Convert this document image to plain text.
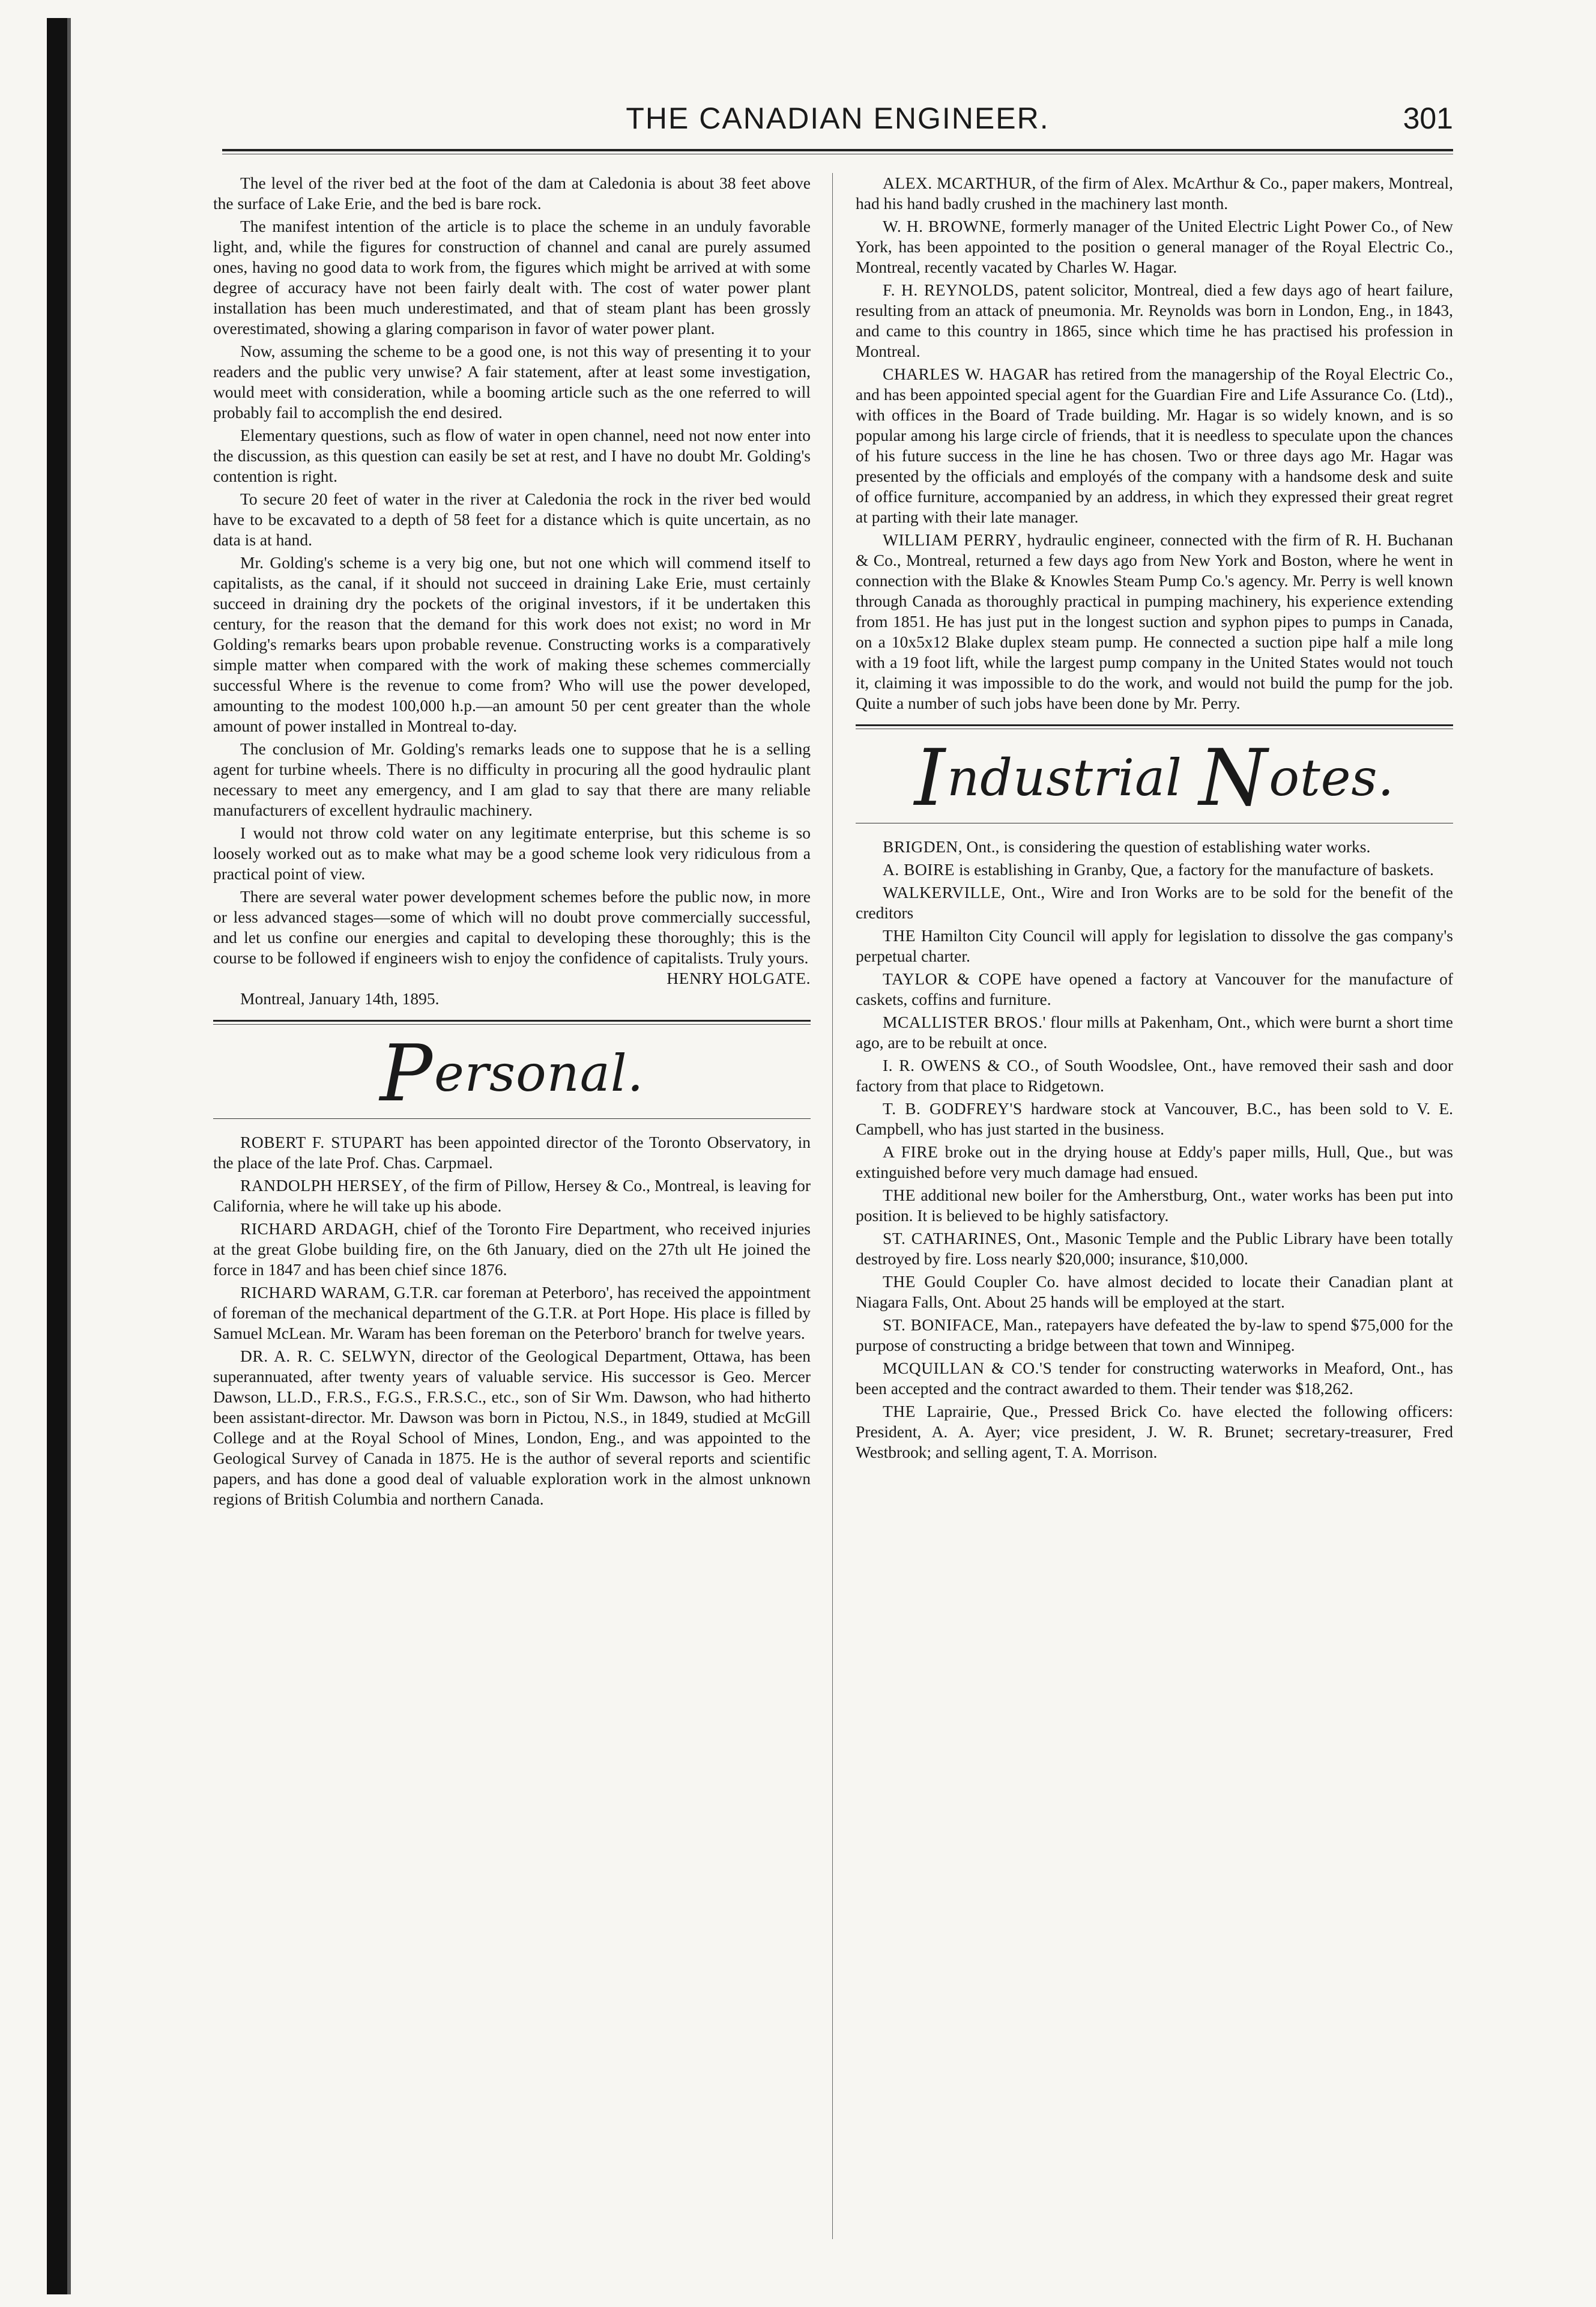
THE CANADIAN ENGINEER.	301

The level of the river bed at the foot of the dam at Caledonia is about 38 feet above the surface of Lake Erie, and the bed is bare rock.

The manifest intention of the article is to place the scheme in an unduly favorable light, and, while the figures for construction of channel and canal are purely assumed ones, having no good data to work from, the figures which might be arrived at with some degree of accuracy have not been fairly dealt with. The cost of water power plant installation has been much underestimated, and that of steam plant has been grossly overestimated, showing a glaring comparison in favor of water power plant.

Now, assuming the scheme to be a good one, is not this way of presenting it to your readers and the public very unwise? A fair statement, after at least some investigation, would meet with consideration, while a booming article such as the one referred to will probably fail to accomplish the end desired.

Elementary questions, such as flow of water in open channel, need not now enter into the discussion, as this question can easily be set at rest, and I have no doubt Mr. Golding's contention is right.

To secure 20 feet of water in the river at Caledonia the rock in the river bed would have to be excavated to a depth of 58 feet for a distance which is quite uncertain, as no data is at hand.

Mr. Golding's scheme is a very big one, but not one which will commend itself to capitalists, as the canal, if it should not succeed in draining Lake Erie, must certainly succeed in draining dry the pockets of the original investors, if it be undertaken this century, for the reason that the demand for this work does not exist; no word in Mr Golding's remarks bears upon probable revenue. Constructing works is a comparatively simple matter when compared with the work of making these schemes commercially successful Where is the revenue to come from? Who will use the power developed, amounting to the modest 100,000 h.p.—an amount 50 per cent greater than the whole amount of power installed in Montreal to-day.

The conclusion of Mr. Golding's remarks leads one to suppose that he is a selling agent for turbine wheels. There is no difficulty in procuring all the good hydraulic plant necessary to meet any emergency, and I am glad to say that there are many reliable manufacturers of excellent hydraulic machinery.

I would not throw cold water on any legitimate enterprise, but this scheme is so loosely worked out as to make what may be a good scheme look very ridiculous from a practical point of view.

There are several water power development schemes before the public now, in more or less advanced stages—some of which will no doubt prove commercially successful, and let us confine our energies and capital to developing these thoroughly; this is the course to be followed if engineers wish to enjoy the confidence of capitalists. Truly yours.
HENRY HOLGATE.

Montreal, January 14th, 1895.

P ersonal.

ROBERT F. STUPART has been appointed director of the Toronto Observatory, in the place of the late Prof. Chas. Carpmael.

RANDOLPH HERSEY, of the firm of Pillow, Hersey & Co., Montreal, is leaving for California, where he will take up his abode.

RICHARD ARDAGH, chief of the Toronto Fire Department, who received injuries at the great Globe building fire, on the 6th January, died on the 27th ult He joined the force in 1847 and has been chief since 1876.

RICHARD WARAM, G.T.R. car foreman at Peterboro', has received the appointment of foreman of the mechanical department of the G.T.R. at Port Hope. His place is filled by Samuel McLean. Mr. Waram has been foreman on the Peterboro' branch for twelve years.

DR. A. R. C. SELWYN, director of the Geological Department, Ottawa, has been superannuated, after twenty years of valuable service. His successor is Geo. Mercer Dawson, LL.D., F.R.S., F.G.S., F.R.S.C., etc., son of Sir Wm. Dawson, who had hitherto been assistant-director. Mr. Dawson was born in Pictou, N.S., in 1849, studied at McGill College and at the Royal School of Mines, London, Eng., and was appointed to the Geological Survey of Canada in 1875. He is the author of several reports and scientific papers, and has done a good deal of valuable exploration work in the almost unknown regions of British Columbia and northern Canada.

ALEX. MCARTHUR, of the firm of Alex. McArthur & Co., paper makers, Montreal, had his hand badly crushed in the machinery last month.

W. H. BROWNE, formerly manager of the United Electric Light Power Co., of New York, has been appointed to the position o general manager of the Royal Electric Co., Montreal, recently vacated by Charles W. Hagar.

F. H. REYNOLDS, patent solicitor, Montreal, died a few days ago of heart failure, resulting from an attack of pneumonia. Mr. Reynolds was born in London, Eng., in 1843, and came to this country in 1865, since which time he has practised his profession in Montreal.

CHARLES W. HAGAR has retired from the managership of the Royal Electric Co., and has been appointed special agent for the Guardian Fire and Life Assurance Co. (Ltd)., with offices in the Board of Trade building. Mr. Hagar is so widely known, and is so popular among his large circle of friends, that it is needless to speculate upon the chances of his future success in the line he has chosen. Two or three days ago Mr. Hagar was presented by the officials and employés of the company with a handsome desk and suite of office furniture, accompanied by an address, in which they expressed their great regret at parting with their late manager.

WILLIAM PERRY, hydraulic engineer, connected with the firm of R. H. Buchanan & Co., Montreal, returned a few days ago from New York and Boston, where he went in connection with the Blake & Knowles Steam Pump Co.'s agency. Mr. Perry is well known through Canada as thoroughly practical in pumping machinery, his experience extending from 1851. He has just put in the longest suction and syphon pipes to pumps in Canada, on a 10x5x12 Blake duplex steam pump. He connected a suction pipe half a mile long with a 19 foot lift, while the largest pump company in the United States would not touch it, claiming it was impossible to do the work, and would not build the pump for the job. Quite a number of such jobs have been done by Mr. Perry.

I ndustrial
N otes.

BRIGDEN, Ont., is considering the question of establishing water works.

A. BOIRE is establishing in Granby, Que, a factory for the manufacture of baskets.

WALKERVILLE, Ont., Wire and Iron Works are to be sold for the benefit of the creditors

THE Hamilton City Council will apply for legislation to dissolve the gas company's perpetual charter.

TAYLOR & COPE have opened a factory at Vancouver for the manufacture of caskets, coffins and furniture.

MCALLISTER BROS.' flour mills at Pakenham, Ont., which were burnt a short time ago, are to be rebuilt at once.

I. R. OWENS & CO., of South Woodslee, Ont., have removed their sash and door factory from that place to Ridgetown.

T. B. GODFREY'S hardware stock at Vancouver, B.C., has been sold to V. E. Campbell, who has just started in the business.

A FIRE broke out in the drying house at Eddy's paper mills, Hull, Que., but was extinguished before very much damage had ensued.

THE additional new boiler for the Amherstburg, Ont., water works has been put into position. It is believed to be highly satisfactory.

ST. CATHARINES, Ont., Masonic Temple and the Public Library have been totally destroyed by fire. Loss nearly $20,000; insurance, $10,000.

THE Gould Coupler Co. have almost decided to locate their Canadian plant at Niagara Falls, Ont. About 25 hands will be employed at the start.

ST. BONIFACE, Man., ratepayers have defeated the by-law to spend $75,000 for the purpose of constructing a bridge between that town and Winnipeg.

MCQUILLAN & CO.'S tender for constructing waterworks in Meaford, Ont., has been accepted and the contract awarded to them. Their tender was $18,262.

THE Laprairie, Que., Pressed Brick Co. have elected the following officers: President, A. A. Ayer; vice president, J. W. R. Brunet; secretary-treasurer, Fred Westbrook; and selling agent, T. A. Morrison.
